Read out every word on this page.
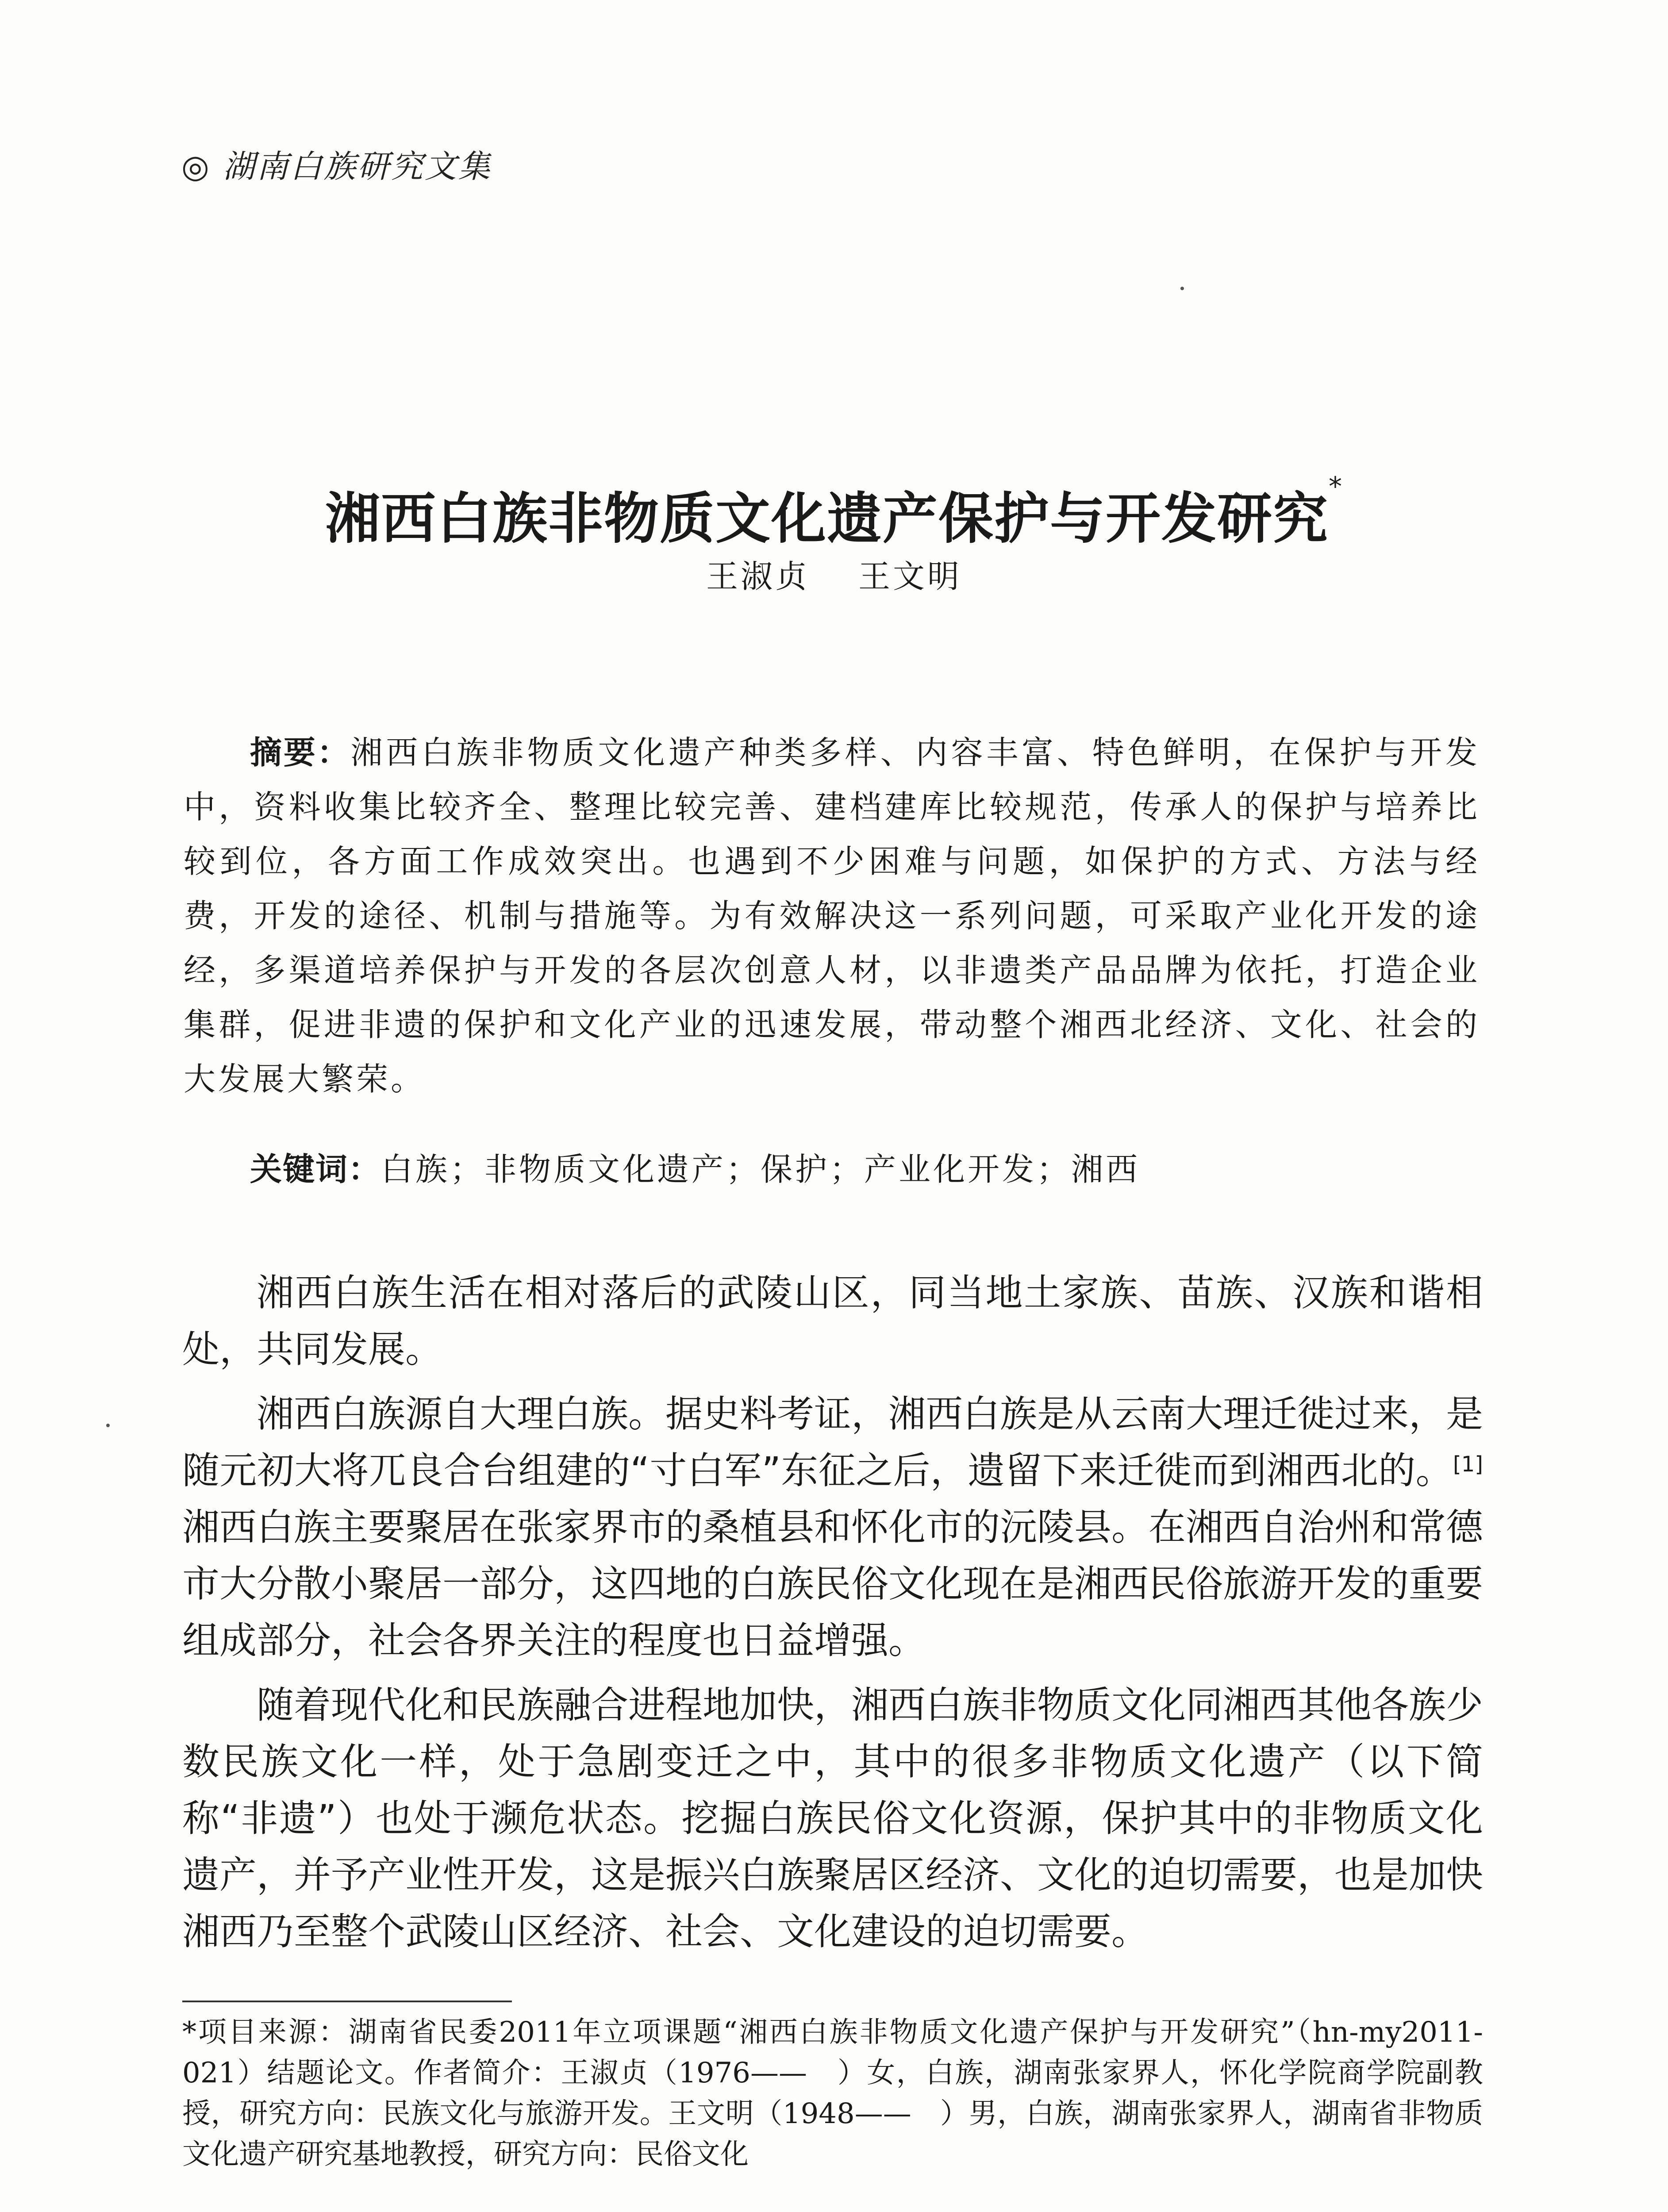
◎ 湖南白族研究文集
湘西白族非物质文化遗产保护与开发研究*
王淑贞 王文明

摘要：湘西白族非物质文化遗产种类多样、内容丰富、特色鲜明，在保护与开发中，资料收集比较齐全、整理比较完善、建档建库比较规范，传承人的保护与培养比较到位，各方面工作成效突出。也遇到不少困难与问题，如保护的方式、方法与经费，开发的途径、机制与措施等。为有效解决这一系列问题，可采取产业化开发的途经，多渠道培养保护与开发的各层次创意人材，以非遗类产品品牌为依托，打造企业集群，促进非遗的保护和文化产业的迅速发展，带动整个湘西北经济、文化、社会的大发展大繁荣。

关键词：白族；非物质文化遗产；保护；产业化开发；湘西

湘西白族生活在相对落后的武陵山区，同当地土家族、苗族、汉族和谐相处，共同发展。

湘西白族源自大理白族。据史料考证，湘西白族是从云南大理迁徙过来，是随元初大将兀良合台组建的“寸白军”东征之后，遗留下来迁徙而到湘西北的。[1]湘西白族主要聚居在张家界市的桑植县和怀化市的沅陵县。在湘西自治州和常德市大分散小聚居一部分，这四地的白族民俗文化现在是湘西民俗旅游开发的重要组成部分，社会各界关注的程度也日益增强。

随着现代化和民族融合进程地加快，湘西白族非物质文化同湘西其他各族少数民族文化一样，处于急剧变迁之中，其中的很多非物质文化遗产（以下简称“非遗”）也处于濒危状态。挖掘白族民俗文化资源，保护其中的非物质文化遗产，并予产业性开发，这是振兴白族聚居区经济、文化的迫切需要，也是加快湘西乃至整个武陵山区经济、社会、文化建设的迫切需要。

*项目来源：湖南省民委2011年立项课题“湘西白族非物质文化遗产保护与开发研究”（hn-my2011-021）结题论文。作者简介：王淑贞（1976——　）女，白族，湖南张家界人，怀化学院商学院副教授，研究方向：民族文化与旅游开发。王文明（1948——　）男，白族，湖南张家界人，湖南省非物质文化遗产研究基地教授，研究方向：民俗文化
